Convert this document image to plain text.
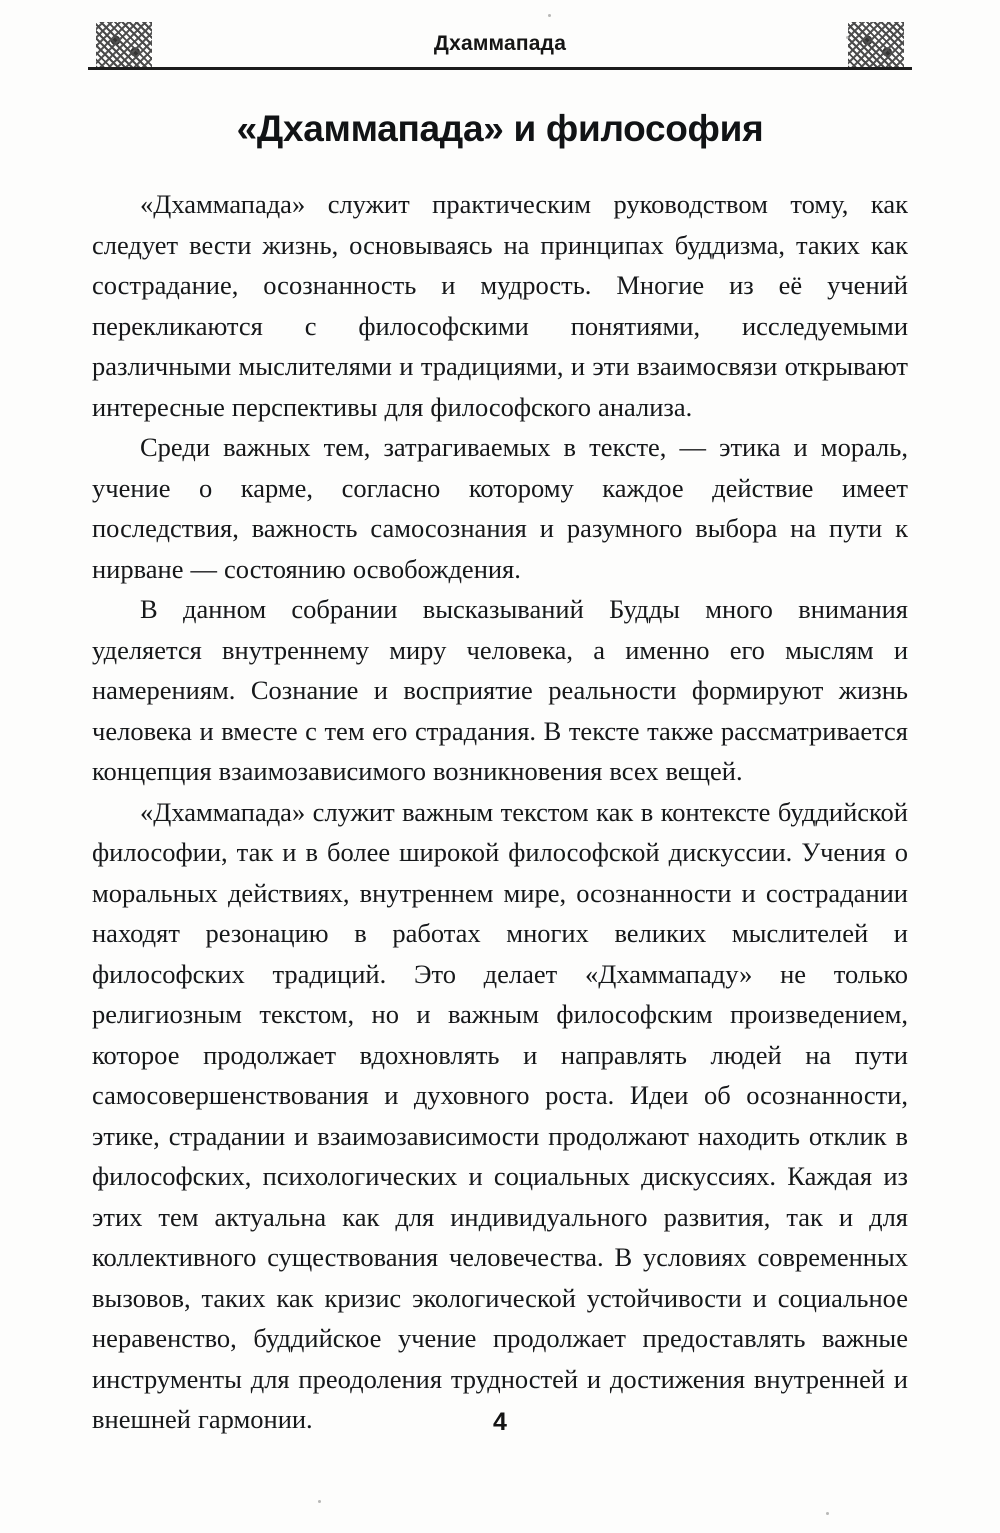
Дхаммапада
«Дхаммапада» и философия

«Дхаммапада» служит практическим руководством тому, как следует вести жизнь, основываясь на принципах буддизма, таких как сострадание, осознанность и мудрость. Многие из её учений перекликаются с философскими понятиями, исследуемыми различными мыслителями и традициями, и эти взаимосвязи открывают интересные перспективы для философского анализа.

Среди важных тем, затрагиваемых в тексте, — этика и мораль, учение о карме, согласно которому каждое действие имеет последствия, важность самосознания и разумного выбора на пути к нирване — состоянию освобождения.

В данном собрании высказываний Будды много внимания уделяется внутреннему миру человека, а именно его мыслям и намерениям. Сознание и восприятие реальности формируют жизнь человека и вместе с тем его страдания. В тексте также рассматривается концепция взаимозависимого возникновения всех вещей.

«Дхаммапада» служит важным текстом как в контексте буддийской философии, так и в более широкой философской дискуссии. Учения о моральных действиях, внутреннем мире, осознанности и сострадании находят резонацию в работах многих великих мыслителей и философских традиций. Это делает «Дхаммападу» не только религиозным текстом, но и важным философским произведением, которое продолжает вдохновлять и направлять людей на пути самосовершенствования и духовного роста. Идеи об осознанности, этике, страдании и взаимозависимости продолжают находить отклик в философских, психологических и социальных дискуссиях. Каждая из этих тем актуальна как для индивидуального развития, так и для коллективного существования человечества. В условиях современных вызовов, таких как кризис экологической устойчивости и социальное неравенство, буддийское учение продолжает предоставлять важные инструменты для преодоления трудностей и достижения внутренней и внешней гармонии.	4
